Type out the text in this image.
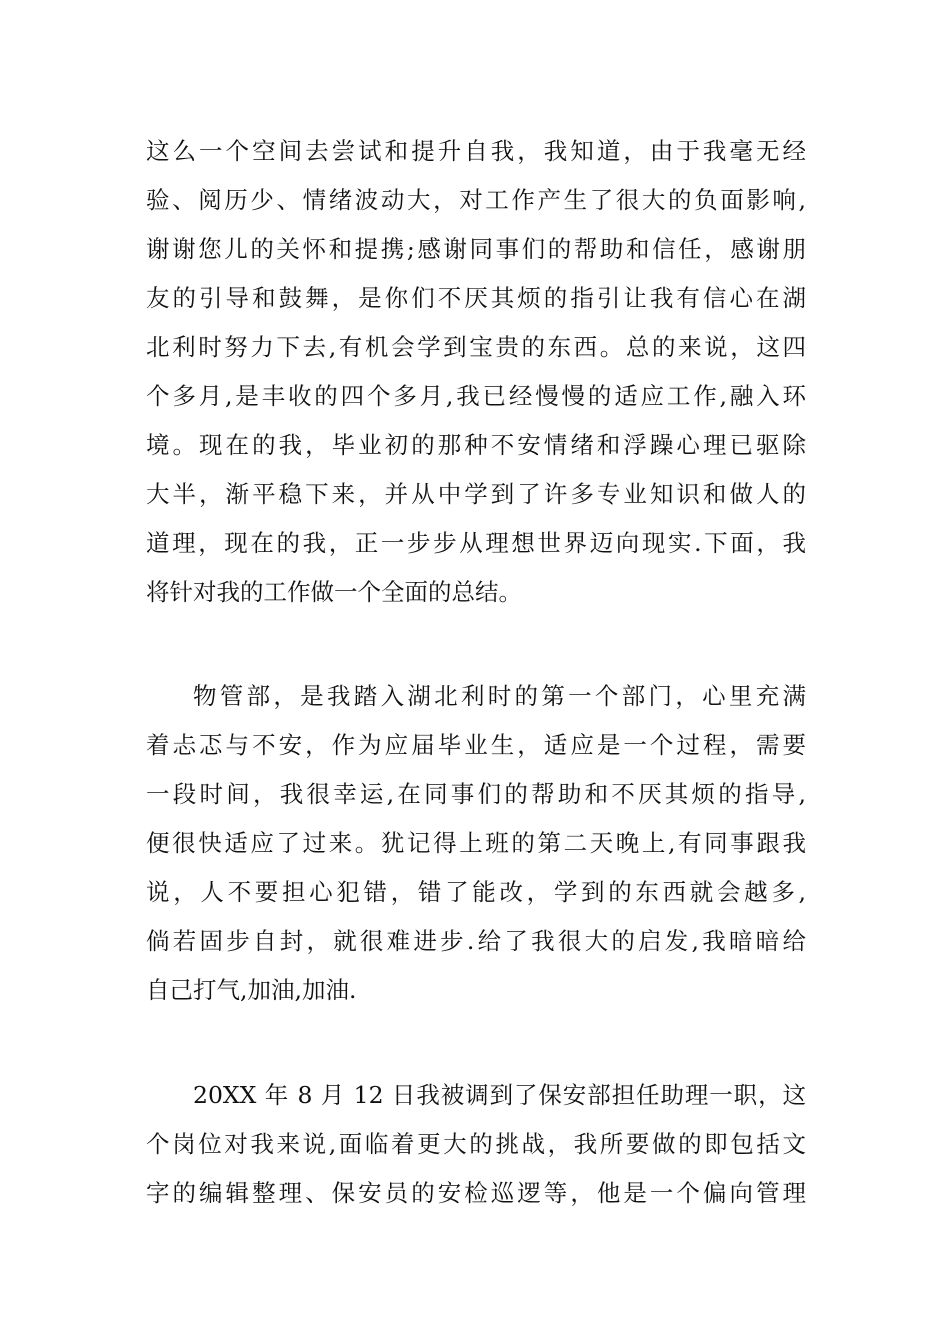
这么一个空间去尝试和提升自我，我知道，由于我毫无经
验、阅历少、情绪波动大，对工作产生了很大的负面影响,
谢谢您儿的关怀和提携;感谢同事们的帮助和信任，感谢朋
友的引导和鼓舞，是你们不厌其烦的指引让我有信心在湖
北利时努力下去,有机会学到宝贵的东西。总的来说，这四
个多月,是丰收的四个多月,我已经慢慢的适应工作,融入环
境。现在的我，毕业初的那种不安情绪和浮躁心理已驱除
大半，渐平稳下来，并从中学到了许多专业知识和做人的
道理，现在的我，正一步步从理想世界迈向现实.下面，我
将针对我的工作做一个全面的总结。
物管部，是我踏入湖北利时的第一个部门，心里充满
着忐忑与不安，作为应届毕业生，适应是一个过程，需要
一段时间，我很幸运,在同事们的帮助和不厌其烦的指导,
便很快适应了过来。犹记得上班的第二天晚上,有同事跟我
说，人不要担心犯错，错了能改，学到的东西就会越多,
倘若固步自封，就很难进步.给了我很大的启发,我暗暗给
自己打气,加油,加油.
20XX 年 8 月 12 日我被调到了保安部担任助理一职，这
个岗位对我来说,面临着更大的挑战，我所要做的即包括文
字的编辑整理、保安员的安检巡逻等，他是一个偏向管理
